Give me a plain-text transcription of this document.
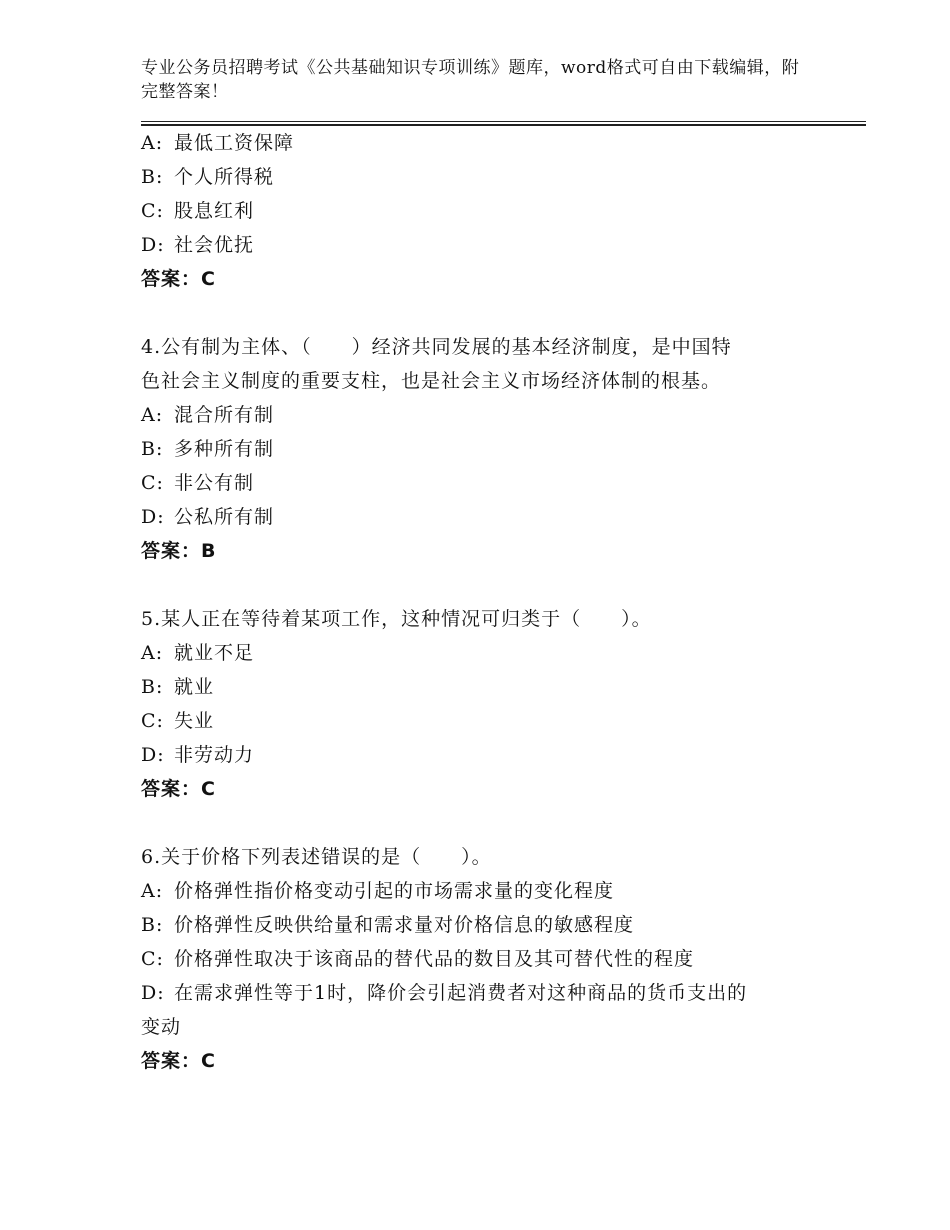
专业公务员招聘考试《公共基础知识专项训练》题库，word格式可自由下载编辑，附完整答案！
A: 最低工资保障
B: 个人所得税
C: 股息红利
D: 社会优抚
答案：C
4.公有制为主体、（　　）经济共同发展的基本经济制度，是中国特
色社会主义制度的重要支柱，也是社会主义市场经济体制的根基。
A: 混合所有制
B: 多种所有制
C: 非公有制
D: 公私所有制
答案：B
5.某人正在等待着某项工作，这种情况可归类于（　　）。
A: 就业不足
B: 就业
C: 失业
D: 非劳动力
答案：C
6.关于价格下列表述错误的是（　　）。
A: 价格弹性指价格变动引起的市场需求量的变化程度
B: 价格弹性反映供给量和需求量对价格信息的敏感程度
C: 价格弹性取决于该商品的替代品的数目及其可替代性的程度
D: 在需求弹性等于1时，降价会引起消费者对这种商品的货币支出的
变动
答案：C
